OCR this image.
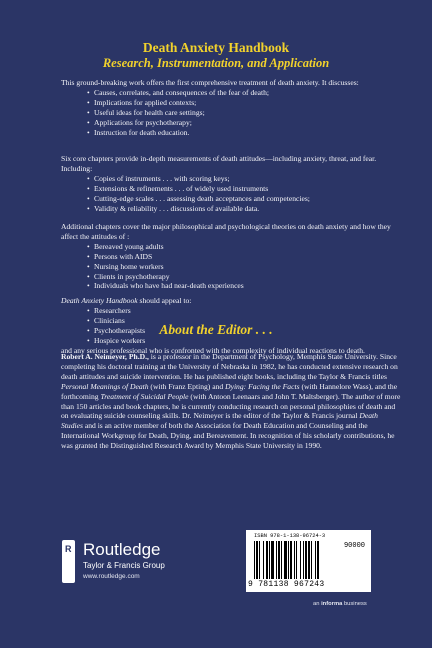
Death Anxiety Handbook
Research, Instrumentation, and Application

This ground-breaking work offers the first comprehensive treatment of death anxiety. It discusses:

• Causes, correlates, and consequences of the fear of death;
• Implications for applied contexts;
• Useful ideas for health care settings;
• Applications for psychotherapy;
• Instruction for death education.

Six core chapters provide in-depth measurements of death attitudes—including anxiety, threat, and fear. Including:

• Copies of instruments . . . with scoring keys;
• Extensions & refinements . . . of widely used instruments
• Cutting-edge scales . . . assessing death acceptances and competencies;
• Validity & reliability . . . discussions of available data.

Additional chapters cover the major philosophical and psychological theories on death anxiety and how they affect the attitudes of :

• Bereaved young adults
• Persons with AIDS
• Nursing home workers
• Clients in psychotherapy
• Individuals who have had near-death experiences

Death Anxiety Handbook should appeal to:

• Researchers
• Clinicians
• Psychotherapists
• Hospice workers

and any serious professional who is confronted with the complexity of individual reactions to death.

About the Editor . . .

Robert A. Neimeyer, Ph.D., is a professor in the Department of Psychology, Memphis State University. Since completing his doctoral training at the University of Nebraska in 1982, he has conducted extensive research on death attitudes and suicide intervention. He has published eight books, including the Taylor & Francis titles Personal Meanings of Death (with Franz Epting) and Dying: Facing the Facts (with Hannelore Wass), and the forthcoming Treatment of Suicidal People (with Antoon Leenaars and John T. Maltsberger). The author of more than 150 articles and book chapters, he is currently conducting research on personal philosophies of death and on evaluating suicide counseling skills. Dr. Neimeyer is the editor of the Taylor & Francis journal Death Studies and is an active member of both the Association for Death Education and Counseling and the International Workgroup for Death, Dying, and Bereavement. In recognition of his scholarly contributions, he was granted the Distinguished Research Award by Memphis State University in 1990.

R Routledge
Taylor & Francis Group
www.routledge.com
ISBN 978-1-138-96724-3
90000
9 781138 967243
an informa business
